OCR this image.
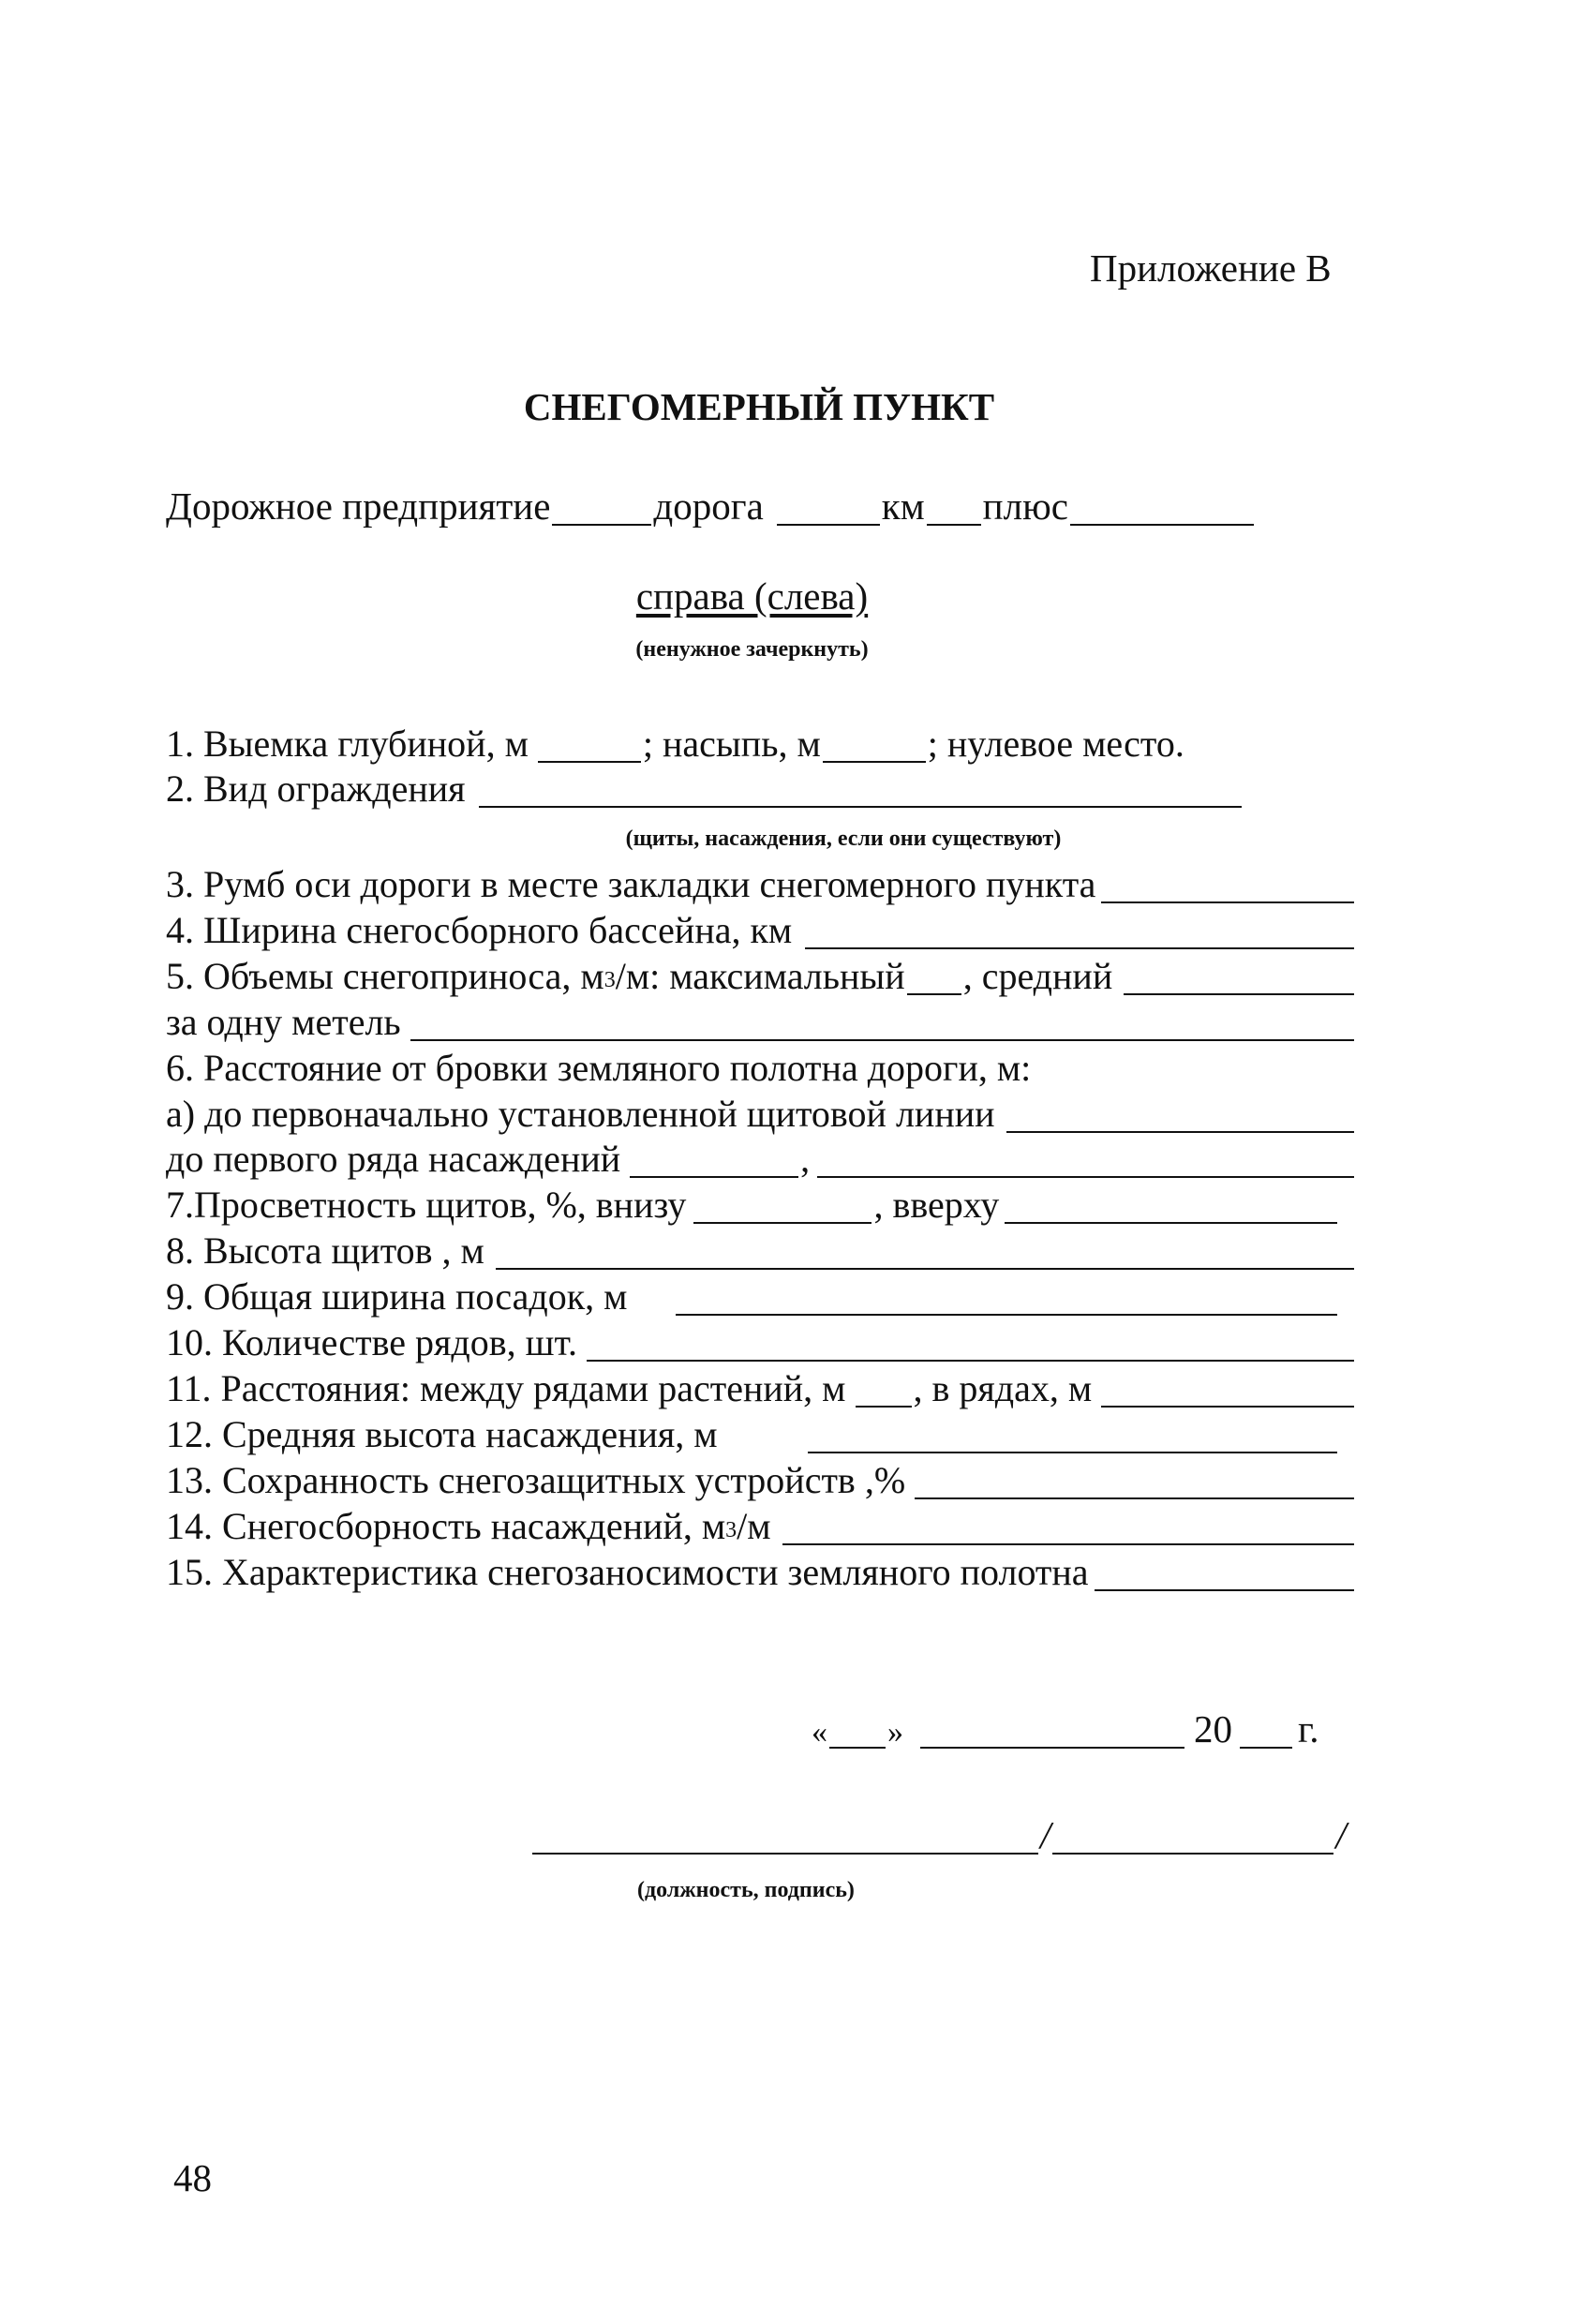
Приложение В
СНЕГОМЕРНЫЙ ПУНКТ
Дорожное предприятие	дорога	км плюс
справа (слева)
(ненужное зачеркнуть)
1. Выемка глубиной, м	; насыпь, м	; нулевое место.
2. Вид ограждения
(щиты, насаждения, если они существуют)
3. Румб оси дороги в месте закладки снегомерного пункта
4. Ширина снегосборного бассейна, км
5. Объемы снегоприноса, м 3 /м: максимальный , средний
за одну метель
6. Расстояние от бровки земляного полотна дороги, м:
а) до первоначально установленной щитовой линии
до первого ряда насаждений	,
7.Просветность щитов, %, внизу	, вверху
8. Высота щитов , м
9. Общая ширина посадок, м
10. Количестве рядов, шт.
11. Расстояния: между рядами растений, м , в рядах, м
12. Средняя высота насаждения, м
13. Сохранность снегозащитных устройств ,%
14. Снегосборность насаждений, м 3 /м
15. Характеристика снегозаносимости земляного полотна
« »	20 г.
/	/
(должность, подпись)
48
